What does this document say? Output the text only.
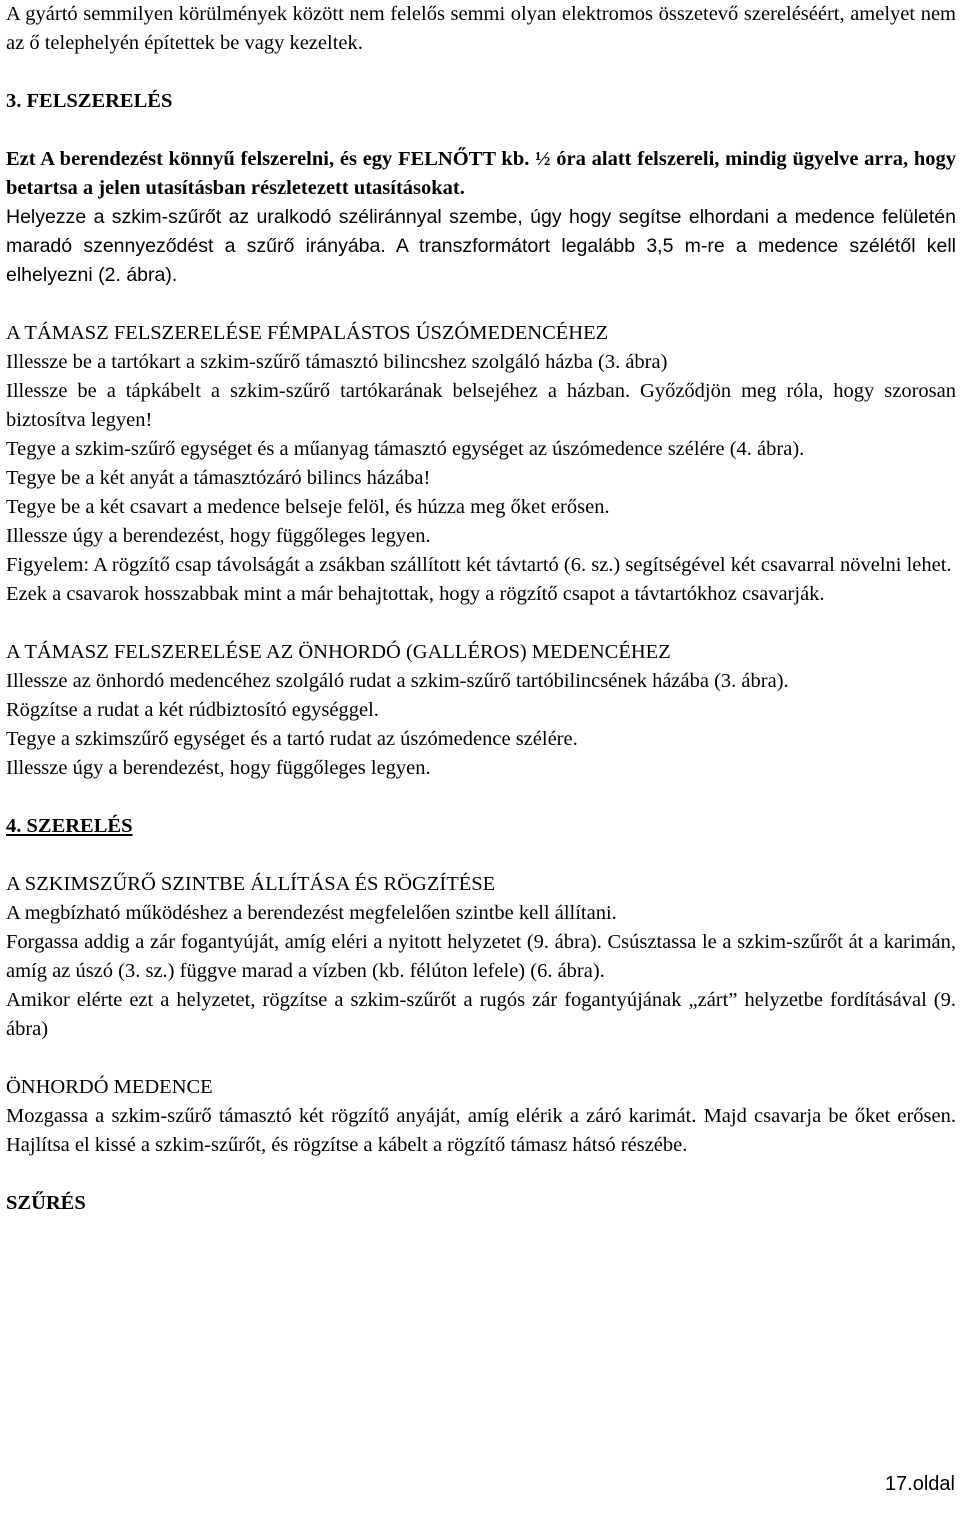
A gyártó semmilyen körülmények között nem felelős semmi olyan elektromos összetevő szereléséért, amelyet nem az ő telephelyén építettek be vagy kezeltek.

3. FELSZERELÉS

Ezt A berendezést könnyű felszerelni, és egy FELNŐTT kb. ½ óra alatt felszereli, mindig ügyelve arra, hogy betartsa a jelen utasításban részletezett utasításokat.

Helyezze a szkim-szűrőt az uralkodó széliránnyal szembe, úgy hogy segítse elhordani a medence felületén maradó szennyeződést a szűrő irányába. A transzformátort legalább 3,5 m-re a medence szélétől kell elhelyezni (2. ábra).

A TÁMASZ FELSZERELÉSE FÉMPALÁSTOS ÚSZÓMEDENCÉHEZ

Illessze be a tartókart a szkim-szűrő támasztó bilincshez szolgáló házba (3. ábra)

Illessze be a tápkábelt a szkim-szűrő tartókarának belsejéhez a házban. Győződjön meg róla, hogy szorosan biztosítva legyen!

Tegye a szkim-szűrő egységet és a műanyag támasztó egységet az úszómedence szélére (4. ábra).

Tegye be a két anyát a támasztózáró bilincs házába!

Tegye be a két csavart a medence belseje felöl, és húzza meg őket erősen.

Illessze úgy a berendezést, hogy függőleges legyen.

Figyelem: A rögzítő csap távolságát a zsákban szállított két távtartó (6. sz.) segítségével két csavarral növelni lehet.

Ezek a csavarok hosszabbak mint a már behajtottak, hogy a rögzítő csapot a távtartókhoz csavarják.

A TÁMASZ FELSZERELÉSE AZ ÖNHORDÓ (GALLÉROS) MEDENCÉHEZ

Illessze az önhordó medencéhez szolgáló rudat a szkim-szűrő tartóbilincsének házába (3. ábra).

Rögzítse a rudat a két rúdbiztosító egységgel.

Tegye a szkimszűrő egységet és a tartó rudat az úszómedence szélére.

Illessze úgy a berendezést, hogy függőleges legyen.

4. SZERELÉS

A SZKIMSZŰRŐ SZINTBE ÁLLÍTÁSA ÉS RÖGZÍTÉSE

A megbízható működéshez a berendezést megfelelően szintbe kell állítani.

Forgassa addig a zár fogantyúját, amíg eléri a nyitott helyzetet (9. ábra). Csúsztassa le a szkim-szűrőt át a karimán, amíg az úszó (3. sz.) függve marad a vízben (kb. félúton lefele) (6. ábra).

Amikor elérte ezt a helyzetet, rögzítse a szkim-szűrőt a rugós zár fogantyújának „zárt” helyzetbe fordításával (9. ábra)

ÖNHORDÓ MEDENCE

Mozgassa a szkim-szűrő támasztó két rögzítő anyáját, amíg elérik a záró karimát. Majd csavarja be őket erősen. Hajlítsa el kissé a szkim-szűrőt, és rögzítse a kábelt a rögzítő támasz hátsó részébe.

SZŰRÉS

17.oldal
